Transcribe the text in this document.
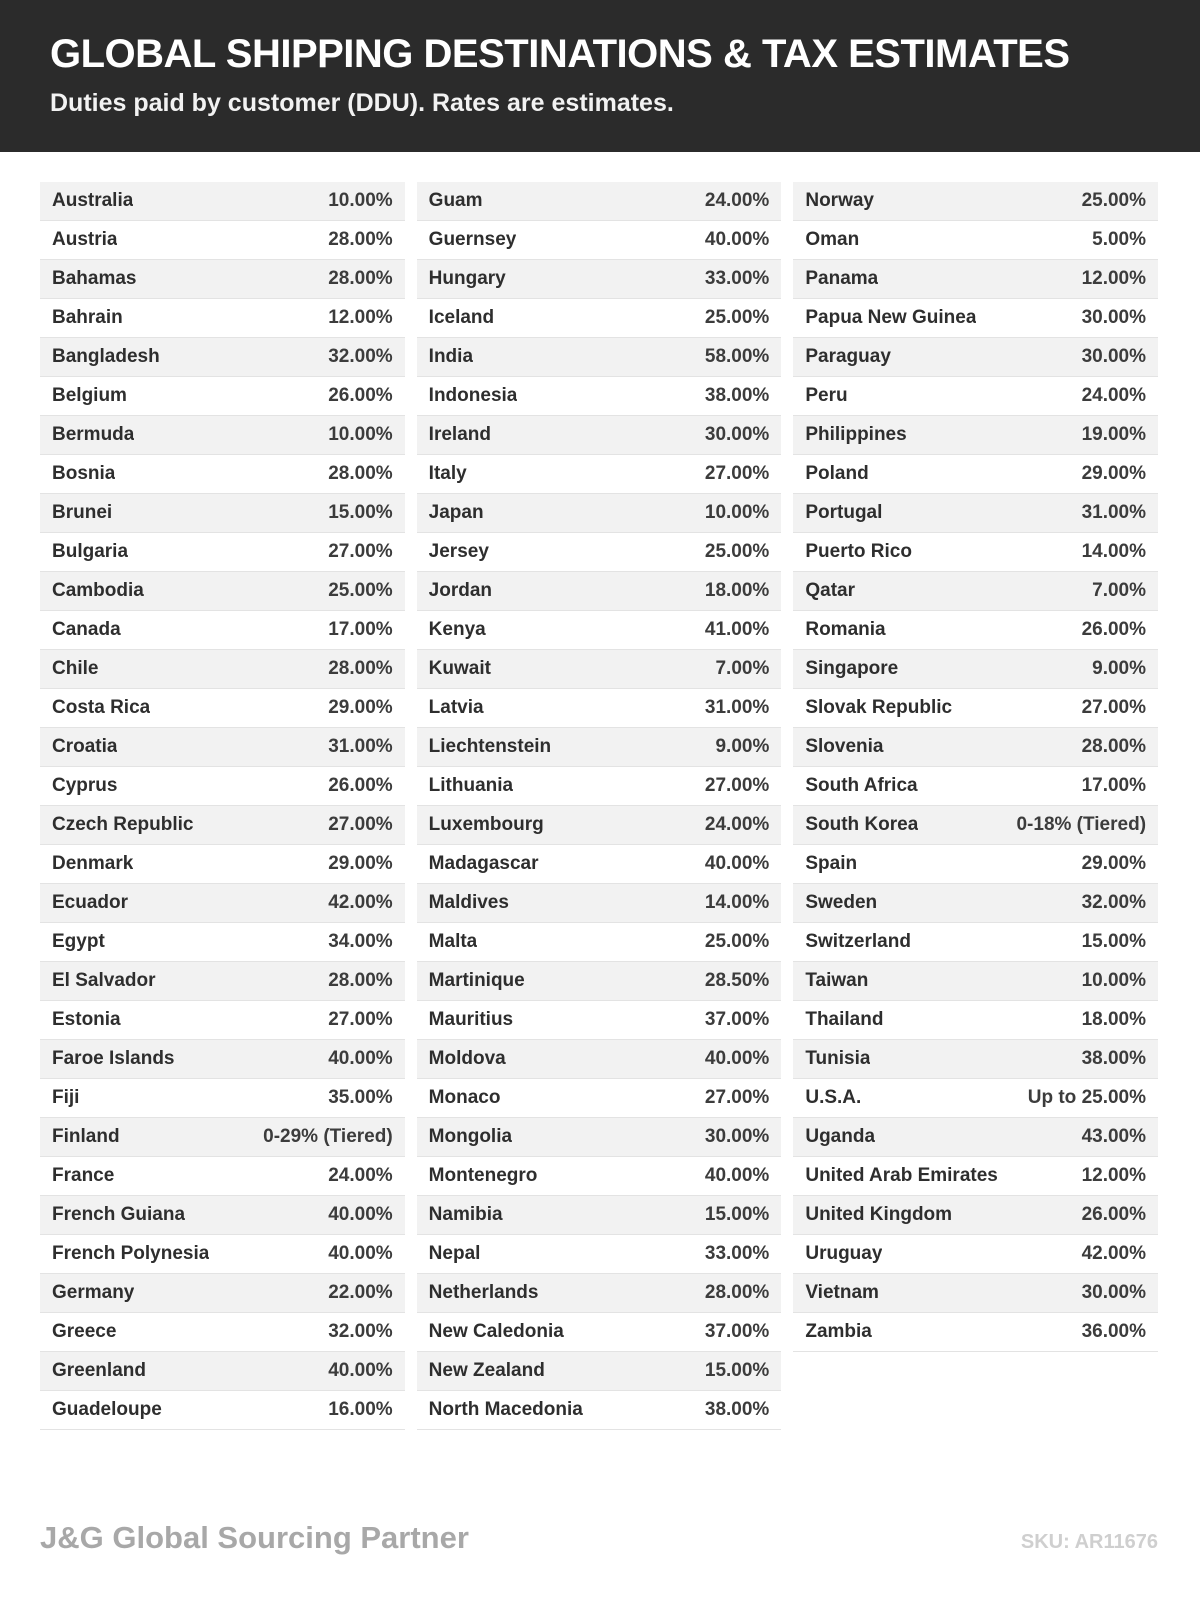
GLOBAL SHIPPING DESTINATIONS & TAX ESTIMATES
Duties paid by customer (DDU). Rates are estimates.
Australia	10.00%
Austria	28.00%
Bahamas	28.00%
Bahrain	12.00%
Bangladesh	32.00%
Belgium	26.00%
Bermuda	10.00%
Bosnia	28.00%
Brunei	15.00%
Bulgaria	27.00%
Cambodia	25.00%
Canada	17.00%
Chile	28.00%
Costa Rica	29.00%
Croatia	31.00%
Cyprus	26.00%
Czech Republic	27.00%
Denmark	29.00%
Ecuador	42.00%
Egypt	34.00%
El Salvador	28.00%
Estonia	27.00%
Faroe Islands	40.00%
Fiji	35.00%
Finland	0-29% (Tiered)
France	24.00%
French Guiana	40.00%
French Polynesia	40.00%
Germany	22.00%
Greece	32.00%
Greenland	40.00%
Guadeloupe	16.00%
Guam	24.00%
Guernsey	40.00%
Hungary	33.00%
Iceland	25.00%
India	58.00%
Indonesia	38.00%
Ireland	30.00%
Italy	27.00%
Japan	10.00%
Jersey	25.00%
Jordan	18.00%
Kenya	41.00%
Kuwait	7.00%
Latvia	31.00%
Liechtenstein	9.00%
Lithuania	27.00%
Luxembourg	24.00%
Madagascar	40.00%
Maldives	14.00%
Malta	25.00%
Martinique	28.50%
Mauritius	37.00%
Moldova	40.00%
Monaco	27.00%
Mongolia	30.00%
Montenegro	40.00%
Namibia	15.00%
Nepal	33.00%
Netherlands	28.00%
New Caledonia	37.00%
New Zealand	15.00%
North Macedonia	38.00%
Norway	25.00%
Oman	5.00%
Panama	12.00%
Papua New Guinea	30.00%
Paraguay	30.00%
Peru	24.00%
Philippines	19.00%
Poland	29.00%
Portugal	31.00%
Puerto Rico	14.00%
Qatar	7.00%
Romania	26.00%
Singapore	9.00%
Slovak Republic	27.00%
Slovenia	28.00%
South Africa	17.00%
South Korea	0-18% (Tiered)
Spain	29.00%
Sweden	32.00%
Switzerland	15.00%
Taiwan	10.00%
Thailand	18.00%
Tunisia	38.00%
U.S.A.	Up to 25.00%
Uganda	43.00%
United Arab Emirates	12.00%
United Kingdom	26.00%
Uruguay	42.00%
Vietnam	30.00%
Zambia	36.00%
J&G Global Sourcing Partner	SKU: AR11676
